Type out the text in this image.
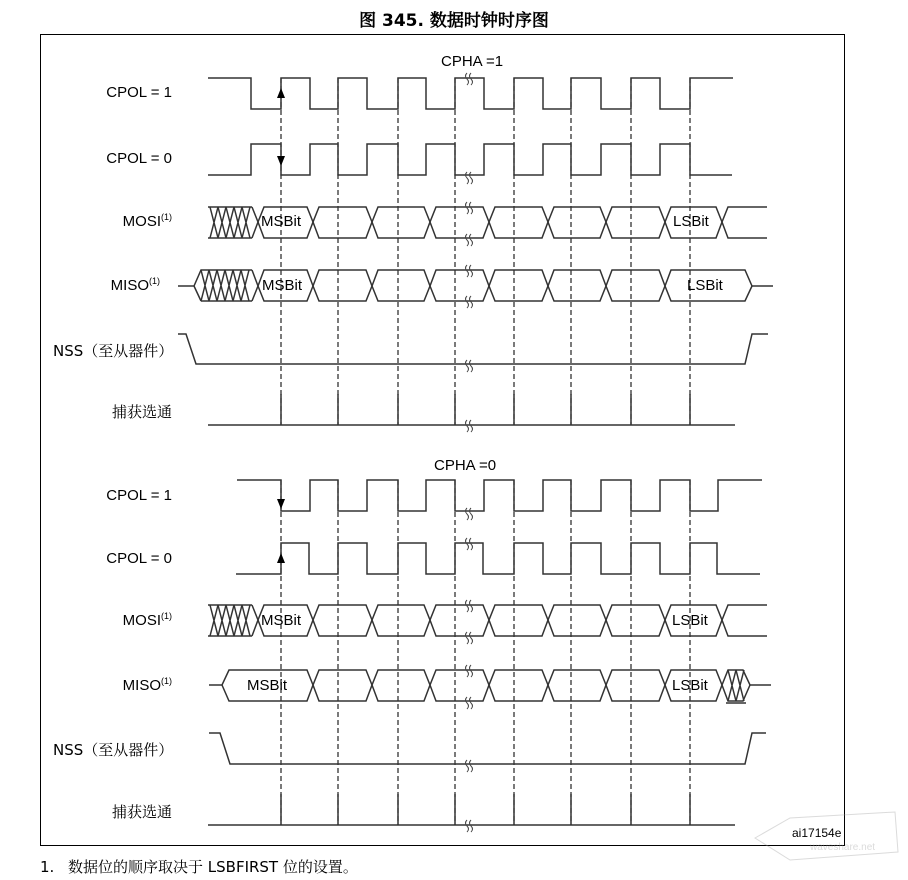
图 345. 数据时钟时序图
CPHA =1
CPOL = 1
CPOL = 0
MOSI$^{(1)}$
MISO$^{(1)}$
NSS（至从器件）
捕获选通
MSBit	LSBit
MSBit	LSBit
CPHA =0
CPOL = 1
CPOL = 0
MOSI$^{(1)}$
MISO$^{(1)}$
NSS（至从器件）
捕获选通
MSBit	LSBit
MSBit	LSBit
ai17154e
waveshare.net
1. 数据位的顺序取决于 LSBFIRST 位的设置。
